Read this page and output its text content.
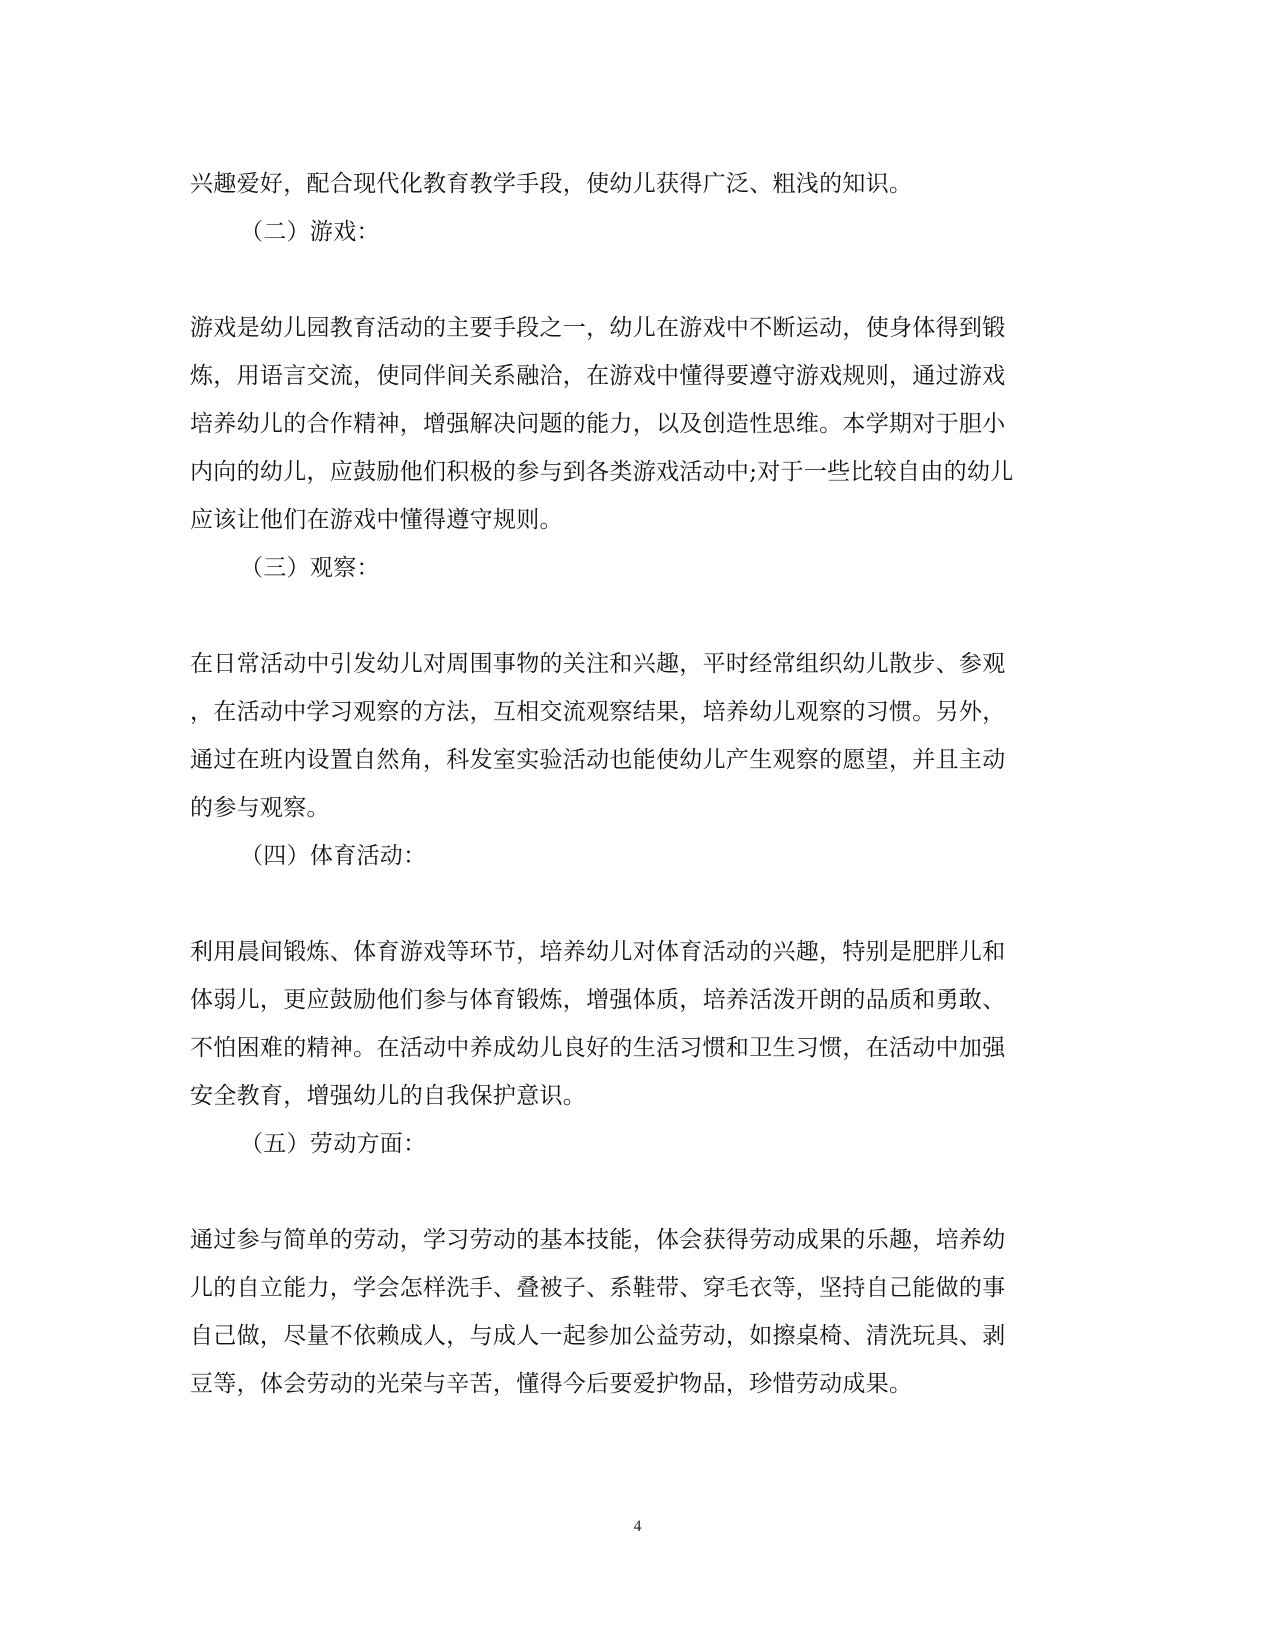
兴趣爱好，配合现代化教育教学手段，使幼儿获得广泛、粗浅的知识。
（二）游戏：
游戏是幼儿园教育活动的主要手段之一，幼儿在游戏中不断运动，使身体得到锻
炼，用语言交流，使同伴间关系融洽，在游戏中懂得要遵守游戏规则，通过游戏
培养幼儿的合作精神，增强解决问题的能力，以及创造性思维。本学期对于胆小
内向的幼儿，应鼓励他们积极的参与到各类游戏活动中;对于一些比较自由的幼儿
应该让他们在游戏中懂得遵守规则。
（三）观察：
在日常活动中引发幼儿对周围事物的关注和兴趣，平时经常组织幼儿散步、参观
，在活动中学习观察的方法，互相交流观察结果，培养幼儿观察的习惯。另外，
通过在班内设置自然角，科发室实验活动也能使幼儿产生观察的愿望，并且主动
的参与观察。
（四）体育活动：
利用晨间锻炼、体育游戏等环节，培养幼儿对体育活动的兴趣，特别是肥胖儿和
体弱儿，更应鼓励他们参与体育锻炼，增强体质，培养活泼开朗的品质和勇敢、
不怕困难的精神。在活动中养成幼儿良好的生活习惯和卫生习惯，在活动中加强
安全教育，增强幼儿的自我保护意识。
（五）劳动方面：
通过参与简单的劳动，学习劳动的基本技能，体会获得劳动成果的乐趣，培养幼
儿的自立能力，学会怎样洗手、叠被子、系鞋带、穿毛衣等，坚持自己能做的事
自己做，尽量不依赖成人，与成人一起参加公益劳动，如擦桌椅、清洗玩具、剥
豆等，体会劳动的光荣与辛苦，懂得今后要爱护物品，珍惜劳动成果。
4
